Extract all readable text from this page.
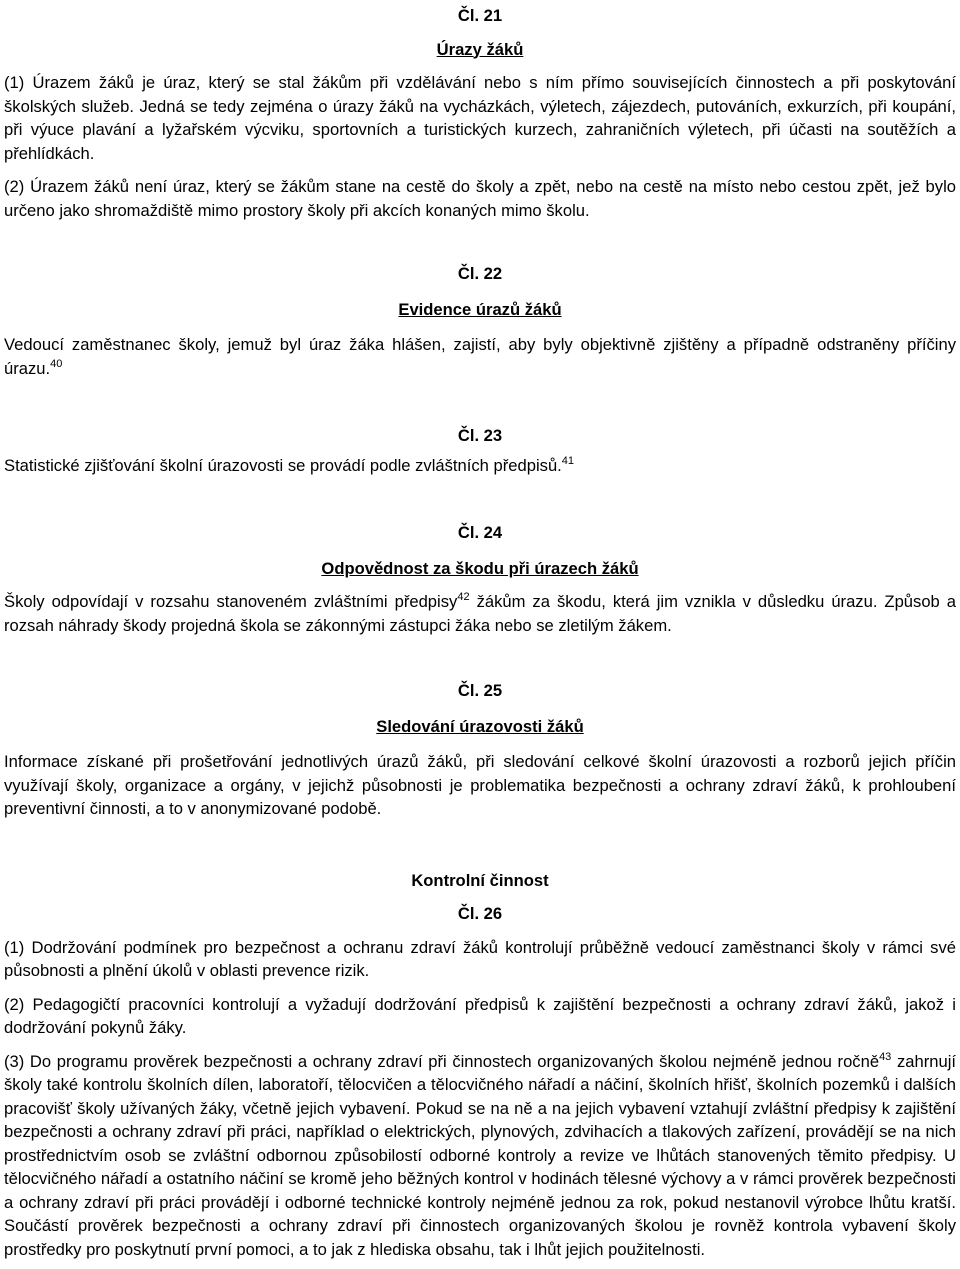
Čl. 21

Úrazy žáků

(1) Úrazem žáků je úraz, který se stal žákům při vzdělávání nebo s ním přímo souvisejících činnostech a při poskytování školských služeb. Jedná se tedy zejména o úrazy žáků na vycházkách, výletech, zájezdech, putováních, exkurzích, při koupání, při výuce plavání a lyžařském výcviku, sportovních a turistických kurzech, zahraničních výletech, při účasti na soutěžích a přehlídkách.

(2) Úrazem žáků není úraz, který se žákům stane na cestě do školy a zpět, nebo na cestě na místo nebo cestou zpět, jež bylo určeno jako shromaždiště mimo prostory školy při akcích konaných mimo školu.

Čl. 22

Evidence úrazů žáků

Vedoucí zaměstnanec školy, jemuž byl úraz žáka hlášen, zajistí, aby byly objektivně zjištěny a případně odstraněny příčiny úrazu.$^{40}$

Čl. 23

Statistické zjišťování školní úrazovosti se provádí podle zvláštních předpisů.$^{41}$

Čl. 24

Odpovědnost za škodu při úrazech žáků

Školy odpovídají v rozsahu stanoveném zvláštními předpisy$^{42}$ žákům za škodu, která jim vznikla v důsledku úrazu. Způsob a rozsah náhrady škody projedná škola se zákonnými zástupci žáka nebo se zletilým žákem.

Čl. 25

Sledování úrazovosti žáků

Informace získané při prošetřování jednotlivých úrazů žáků, při sledování celkové školní úrazovosti a rozborů jejich příčin využívají školy, organizace a orgány, v jejichž působnosti je problematika bezpečnosti a ochrany zdraví žáků, k prohloubení preventivní činnosti, a to v anonymizované podobě.

Kontrolní činnost

Čl. 26

(1) Dodržování podmínek pro bezpečnost a ochranu zdraví žáků kontrolují průběžně vedoucí zaměstnanci školy v rámci své působnosti a plnění úkolů v oblasti prevence rizik.

(2) Pedagogičtí pracovníci kontrolují a vyžadují dodržování předpisů k zajištění bezpečnosti a ochrany zdraví žáků, jakož i dodržování pokynů žáky.

(3) Do programu prověrek bezpečnosti a ochrany zdraví při činnostech organizovaných školou nejméně jednou ročně$^{43}$ zahrnují školy také kontrolu školních dílen, laboratoří, tělocvičen a tělocvičného nářadí a náčiní, školních hřišť, školních pozemků i dalších pracovišť školy užívaných žáky, včetně jejich vybavení. Pokud se na ně a na jejich vybavení vztahují zvláštní předpisy k zajištění bezpečnosti a ochrany zdraví při práci, například o elektrických, plynových, zdvihacích a tlakových zařízení, provádějí se na nich prostřednictvím osob se zvláštní odbornou způsobilostí odborné kontroly a revize ve lhůtách stanovených těmito předpisy. U tělocvičného nářadí a ostatního náčiní se kromě jeho běžných kontrol v hodinách tělesné výchovy a v rámci prověrek bezpečnosti a ochrany zdraví při práci provádějí i odborné technické kontroly nejméně jednou za rok, pokud nestanovil výrobce lhůtu kratší. Součástí prověrek bezpečnosti a ochrany zdraví při činnostech organizovaných školou je rovněž kontrola vybavení školy prostředky pro poskytnutí první pomoci, a to jak z hlediska obsahu, tak i lhůt jejich použitelnosti.
